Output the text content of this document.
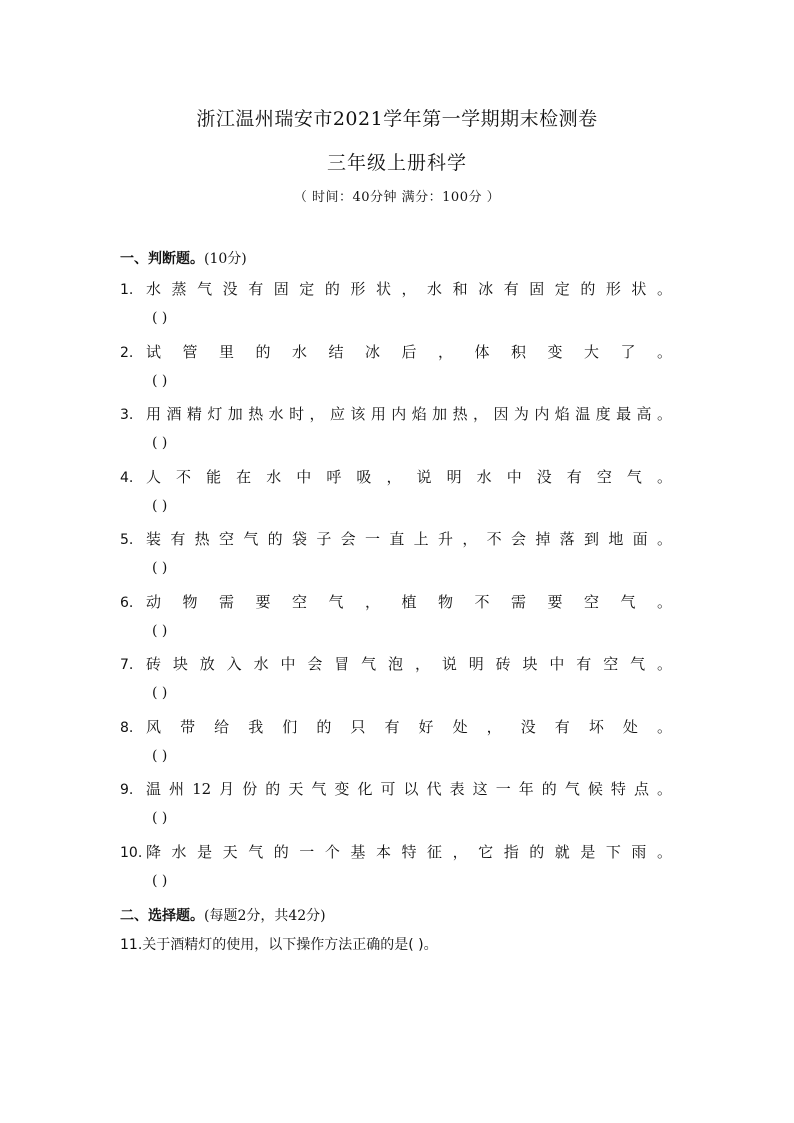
浙江温州瑞安市2021学年第一学期期末检测卷
三年级上册科学
（ 时间：40分钟 满分：100分 ）
一、判断题。(10分)
1. 水蒸气没有固定的形状，水和冰有固定的形状。
( )
2. 试管里的水结冰后，体积变大了。
( )
3. 用酒精灯加热水时，应该用内焰加热，因为内焰温度最高。
( )
4. 人不能在水中呼吸，说明水中没有空气。
( )
5. 装有热空气的袋子会一直上升，不会掉落到地面。
( )
6. 动物需要空气，植物不需要空气。
( )
7. 砖块放入水中会冒气泡，说明砖块中有空气。
( )
8. 风带给我们的只有好处，没有坏处。
( )
9. 温州12月份的天气变化可以代表这一年的气候特点。
( )
10. 降水是天气的一个基本特征，它指的就是下雨。
( )
二、选择题。(每题2分，共42分)
11.关于酒精灯的使用，以下操作方法正确的是( )。
